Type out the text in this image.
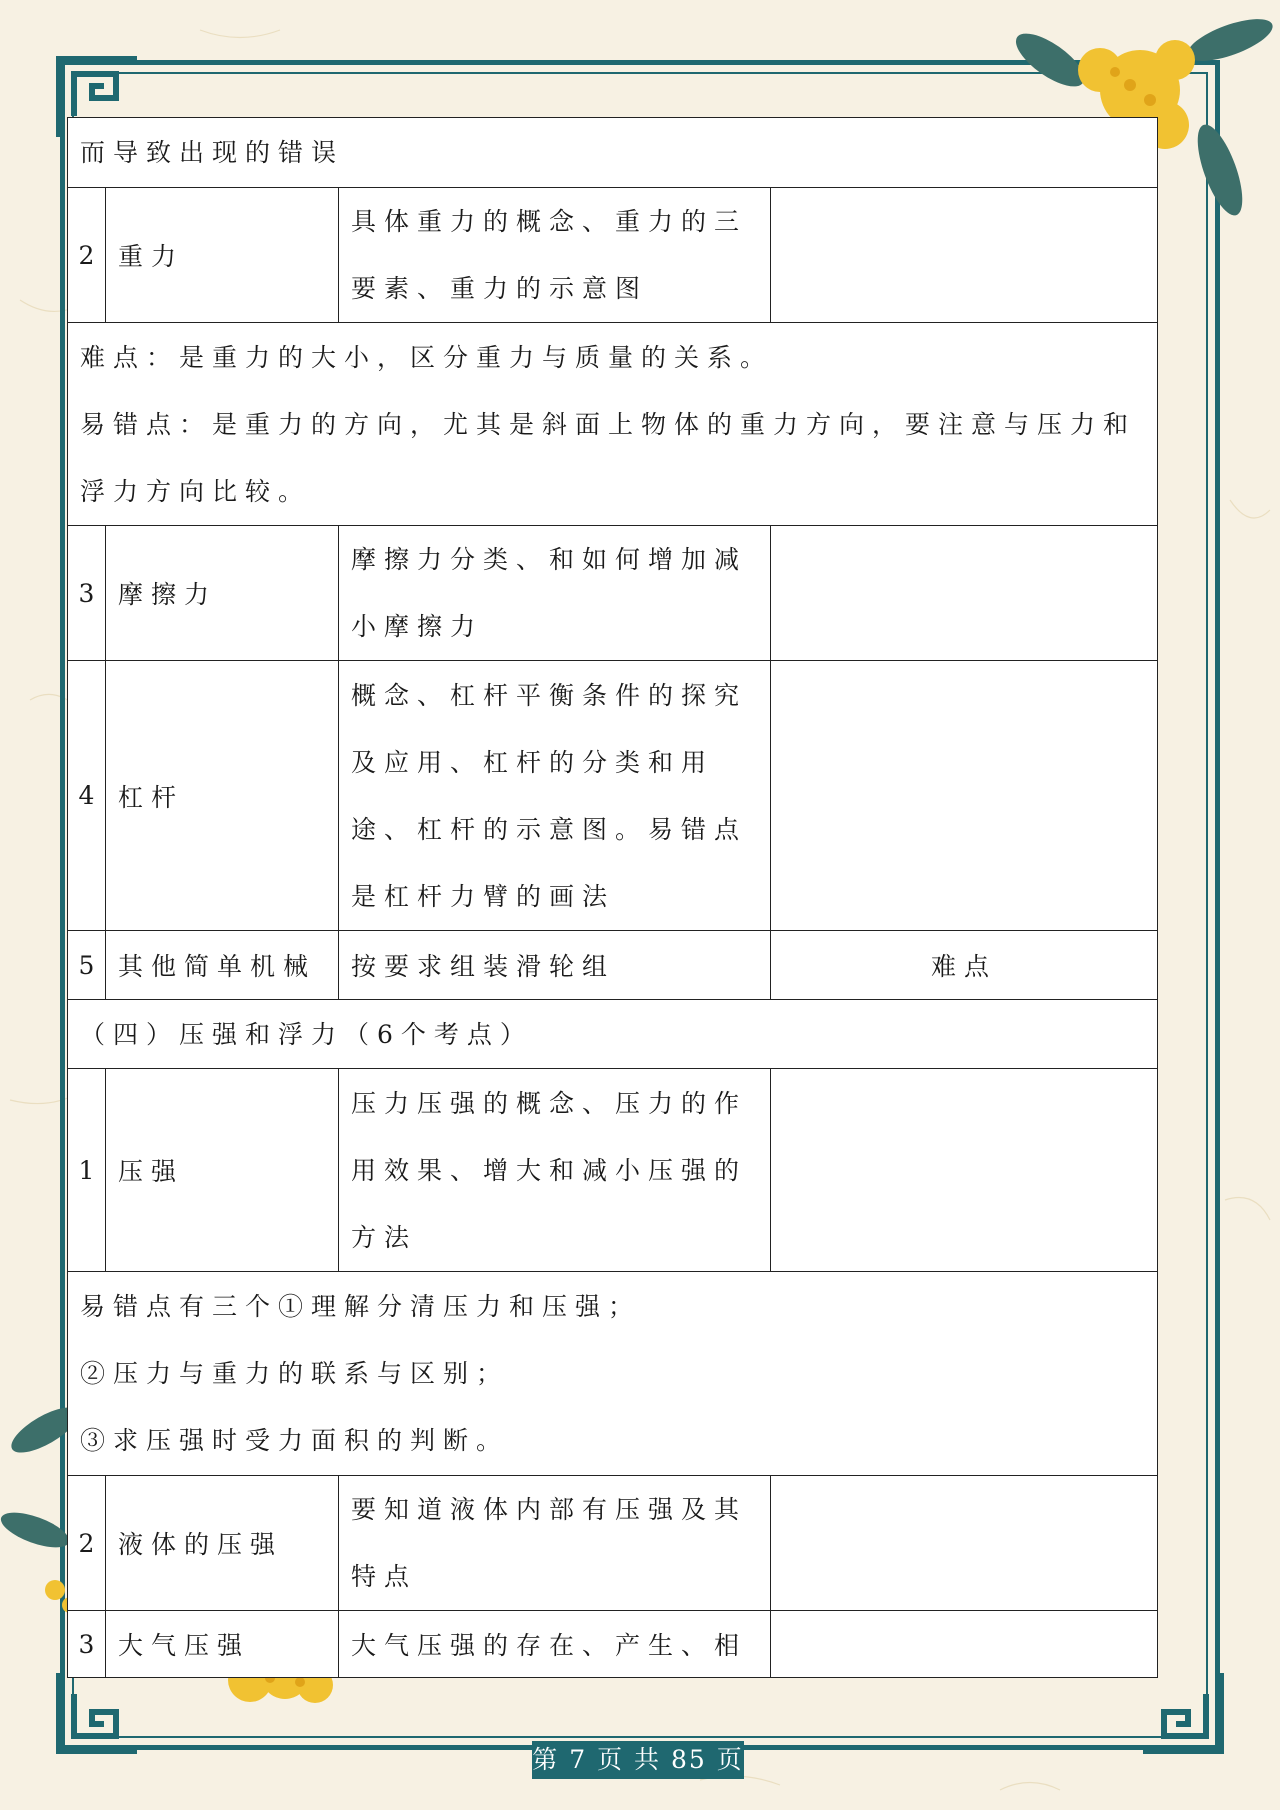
而导致出现的错误			
2	重力	具体重力的概念、重力的三要素、重力的示意图	

难点：是重力的大小，区分重力与质量的关系。
易错点：是重力的方向，尤其是斜面上物体的重力方向，要注意与压力和浮力方向比较。			

3	摩擦力	摩擦力分类、和如何增加减小摩擦力	
4	杠杆	概念、杠杆平衡条件的探究及应用、杠杆的分类和用途、杠杆的示意图。易错点是杠杆力臂的画法	
5	其他简单机械	按要求组装滑轮组	难点
（四）压强和浮力（6个考点）			
1	压强	压力压强的概念、压力的作用效果、增大和减小压强的方法	

易错点有三个①理解分清压力和压强；
②压力与重力的联系与区别；
③求压强时受力面积的判断。			

2	液体的压强	要知道液体内部有压强及其特点	
3	大气压强	大气压强的存在、产生、相	
第 7 页 共 85 页
